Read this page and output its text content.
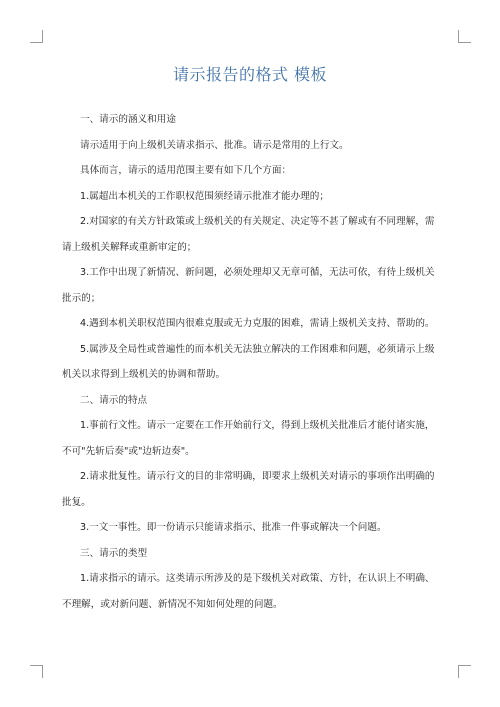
请示报告的格式 模板

一、请示的涵义和用途

请示适用于向上级机关请求指示、批准。请示是常用的上行文。

具体而言，请示的适用范围主要有如下几个方面：

1.属超出本机关的工作职权范围须经请示批准才能办理的；

2.对国家的有关方针政策或上级机关的有关规定、决定等不甚了解或有不同理解，需请上级机关解释或重新审定的；

3.工作中出现了新情况、新问题，必须处理却又无章可循，无法可依，有待上级机关批示的；

4.遇到本机关职权范围内很难克服或无力克服的困难，需请上级机关支持、帮助的。

5.属涉及全局性或普遍性的而本机关无法独立解决的工作困难和问题，必须请示上级机关以求得到上级机关的协调和帮助。

二、请示的特点

1.事前行文性。请示一定要在工作开始前行文，得到上级机关批准后才能付诸实施，不可"先斩后奏"或"边斩边奏"。

2.请求批复性。请示行文的目的非常明确，即要求上级机关对请示的事项作出明确的批复。

3.一文一事性。即一份请示只能请求指示、批准一件事或解决一个问题。

三、请示的类型

1.请求指示的请示。这类请示所涉及的是下级机关对政策、方针，在认识上不明确、不理解，或对新问题、新情况不知如何处理的问题。
